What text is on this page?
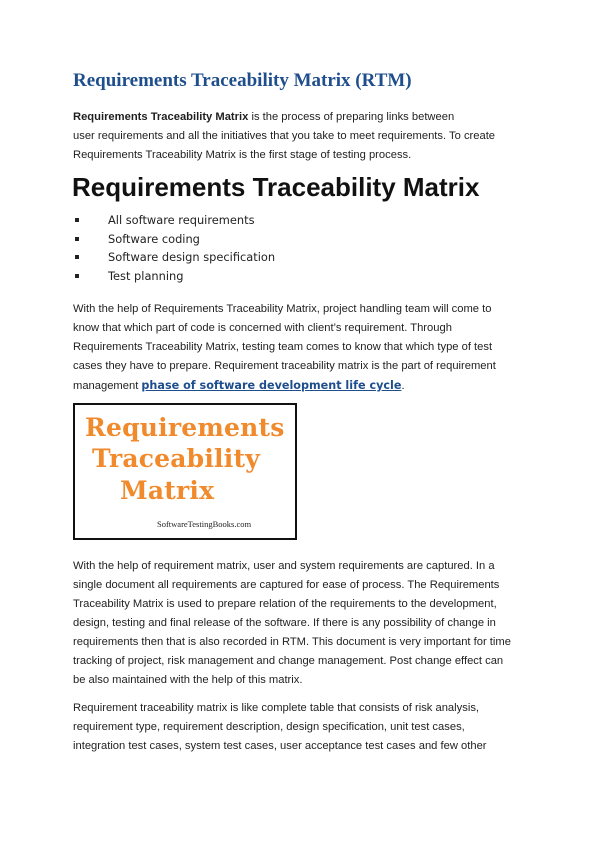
Requirements Traceability Matrix (RTM)

Requirements Traceability Matrix is the process of preparing links between
user requirements and all the initiatives that you take to meet requirements. To create
Requirements Traceability Matrix is the first stage of testing process.

Requirements Traceability Matrix
All software requirements
Software coding
Software design specification
Test planning

With the help of Requirements Traceability Matrix, project handling team will come to
know that which part of code is concerned with client’s requirement. Through
Requirements Traceability Matrix, testing team comes to know that which type of test
cases they have to prepare. Requirement traceability matrix is the part of requirement
management phase of software development life cycle.

Requirements
Traceability
Matrix
SoftwareTestingBooks.com

With the help of requirement matrix, user and system requirements are captured. In a
single document all requirements are captured for ease of process. The Requirements
Traceability Matrix is used to prepare relation of the requirements to the development,
design, testing and final release of the software. If there is any possibility of change in
requirements then that is also recorded in RTM. This document is very important for time
tracking of project, risk management and change management. Post change effect can
be also maintained with the help of this matrix.

Requirement traceability matrix is like complete table that consists of risk analysis,
requirement type, requirement description, design specification, unit test cases,
integration test cases, system test cases, user acceptance test cases and few other
